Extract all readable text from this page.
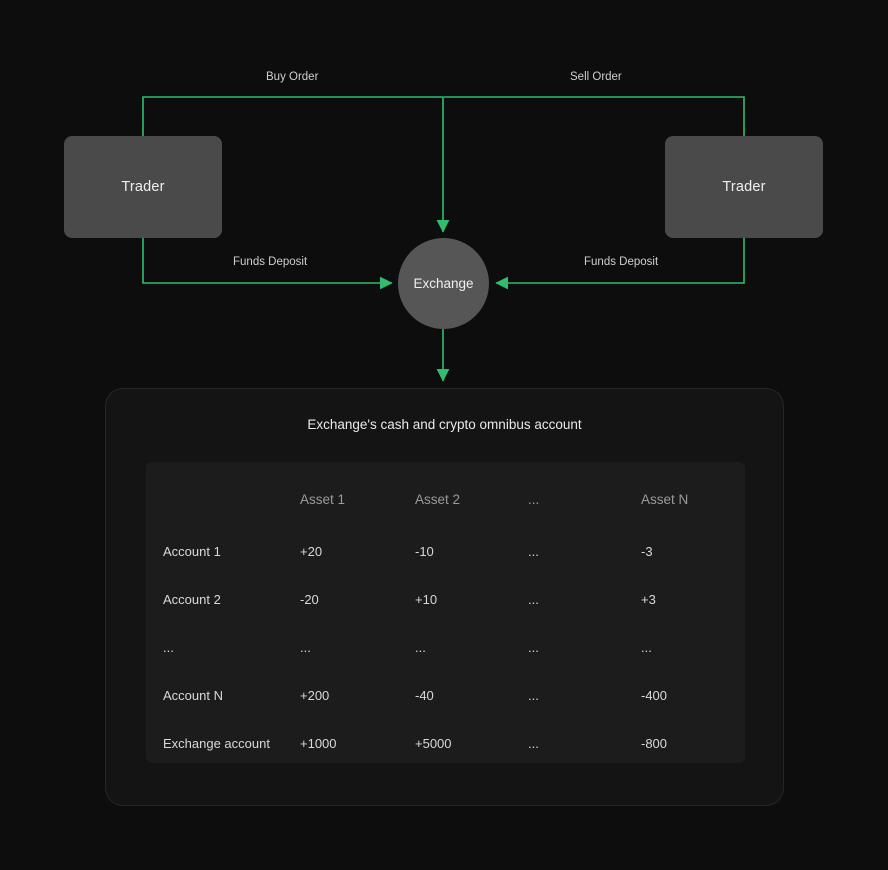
Trader	Trader
Exchange
Buy Order	Sell Order
Funds Deposit	Funds Deposit
Exchange's cash and crypto omnibus account
	Asset 1	Asset 2	...	Asset N
Account 1	+20	-10	...	-3
Account 2	-20	+10	...	+3
...	...	...	...	...
Account N	+200	-40	...	-400
Exchange account	+1000	+5000	...	-800
